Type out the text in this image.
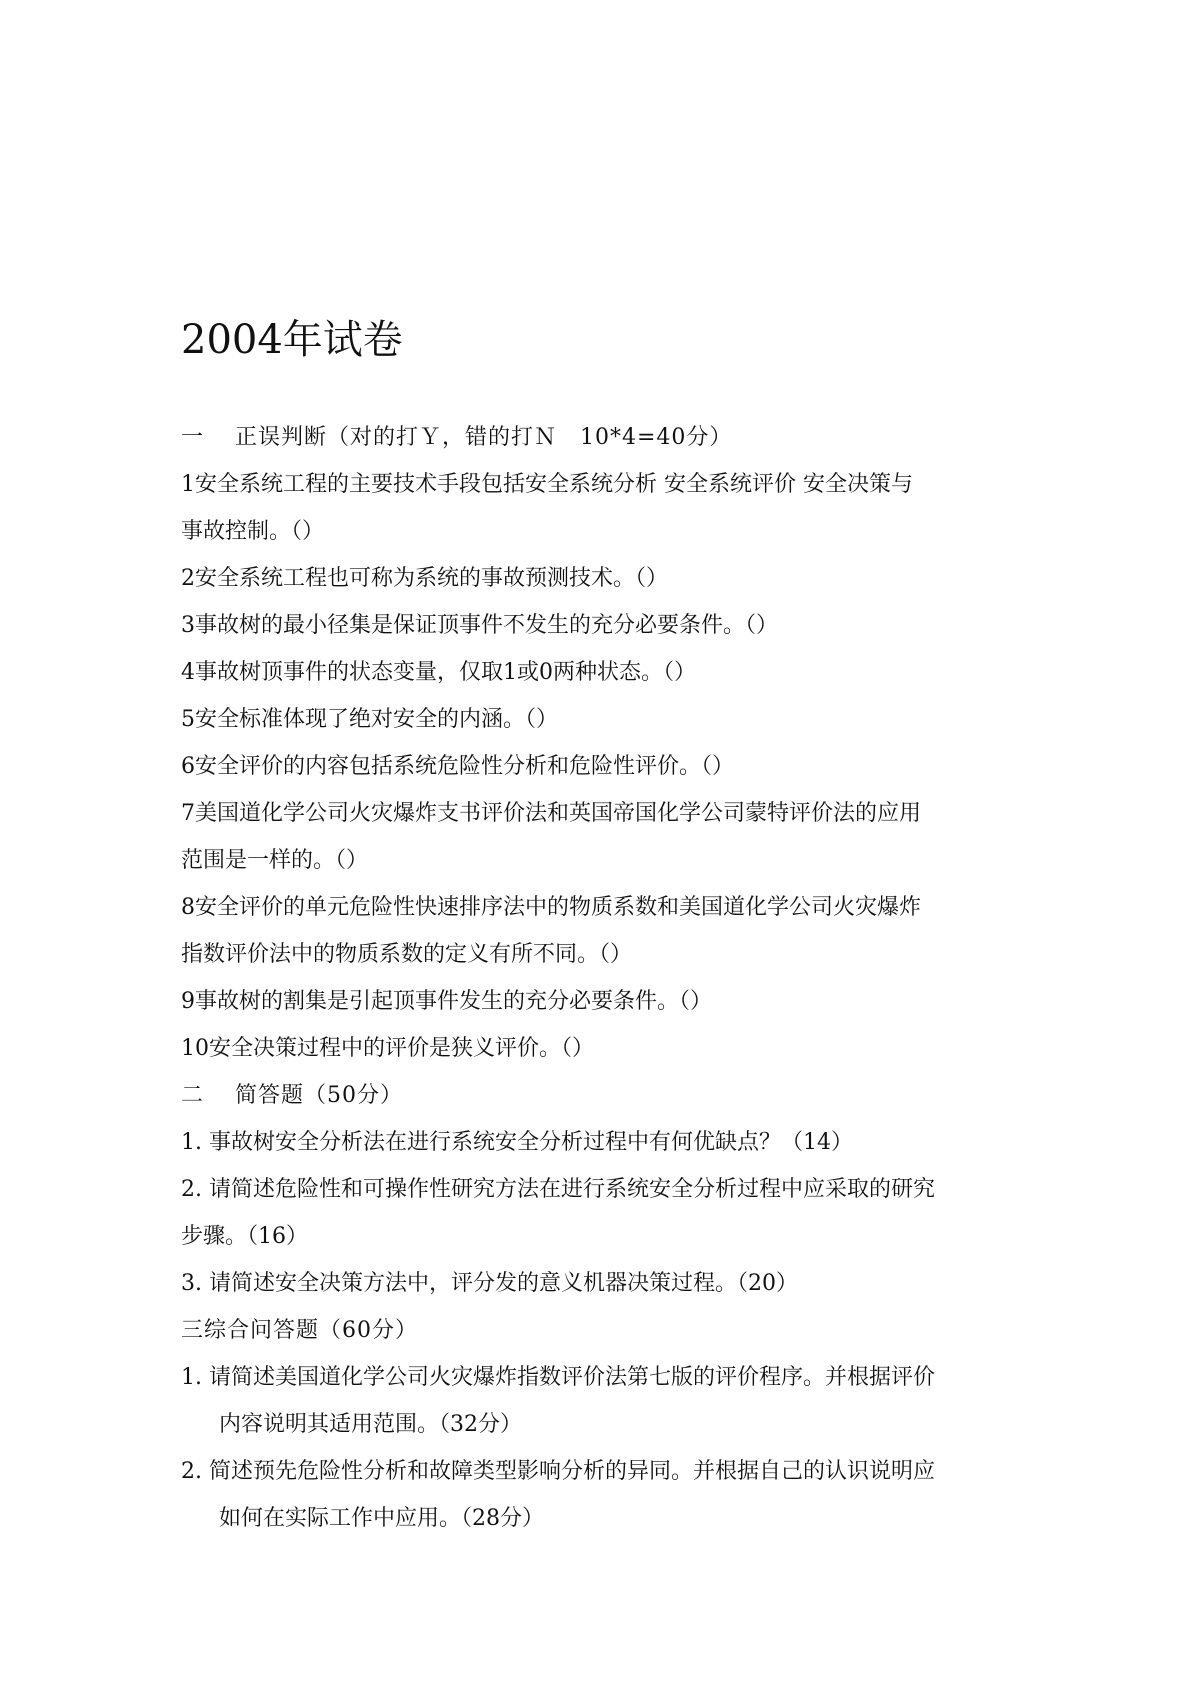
2004年试卷
一　 正误判断（对的打Ｙ，错的打Ｎ　10*4=40分）
1安全系统工程的主要技术手段包括安全系统分析 安全系统评价 安全决策与
事故控制。（）
2安全系统工程也可称为系统的事故预测技术。（）
3事故树的最小径集是保证顶事件不发生的充分必要条件。（）
4事故树顶事件的状态变量，仅取1或0两种状态。（）
5安全标准体现了绝对安全的内涵。（）
6安全评价的内容包括系统危险性分析和危险性评价。（）
7美国道化学公司火灾爆炸支书评价法和英国帝国化学公司蒙特评价法的应用
范围是一样的。（）
8安全评价的单元危险性快速排序法中的物质系数和美国道化学公司火灾爆炸
指数评价法中的物质系数的定义有所不同。（）
9事故树的割集是引起顶事件发生的充分必要条件。（）
10安全决策过程中的评价是狭义评价。（）
二　 简答题（50分）
1. 事故树安全分析法在进行系统安全分析过程中有何优缺点？（14）
2. 请简述危险性和可操作性研究方法在进行系统安全分析过程中应采取的研究
步骤。（16）
3. 请简述安全决策方法中，评分发的意义机器决策过程。（20）
三综合问答题（60分）
1. 请简述美国道化学公司火灾爆炸指数评价法第七版的评价程序。并根据评价
内容说明其适用范围。（32分）
2. 简述预先危险性分析和故障类型影响分析的异同。并根据自己的认识说明应
如何在实际工作中应用。（28分）
